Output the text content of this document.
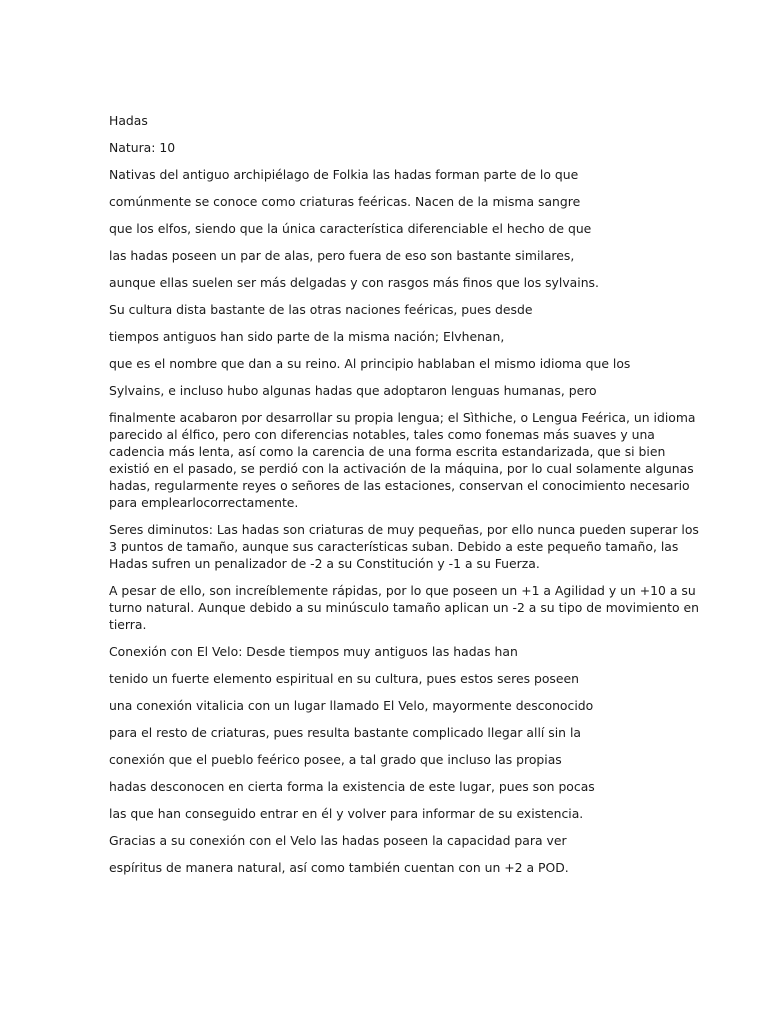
Hadas

Natura: 10

Nativas del antiguo archipiélago de Folkia las hadas forman parte de lo que

comúnmente se conoce como criaturas feéricas. Nacen de la misma sangre

que los elfos, siendo que la única característica diferenciable el hecho de que

las hadas poseen un par de alas, pero fuera de eso son bastante similares,

aunque ellas suelen ser más delgadas y con rasgos más finos que los sylvains.

Su cultura dista bastante de las otras naciones feéricas, pues desde

tiempos antiguos han sido parte de la misma nación; Elvhenan,

que es el nombre que dan a su reino. Al principio hablaban el mismo idioma que los

Sylvains, e incluso hubo algunas hadas que adoptaron lenguas humanas, pero

finalmente acabaron por desarrollar su propia lengua; el Sìthiche, o Lengua Feérica, un idioma
parecido al élfico, pero con diferencias notables, tales como fonemas más suaves y una
cadencia más lenta, así como la carencia de una forma escrita estandarizada, que si bien
existió en el pasado, se perdió con la activación de la máquina, por lo cual solamente algunas
hadas, regularmente reyes o señores de las estaciones, conservan el conocimiento necesario
para emplearlocorrectamente.
Seres diminutos: Las hadas son criaturas de muy pequeñas, por ello nunca pueden superar los
3 puntos de tamaño, aunque sus características suban. Debido a este pequeño tamaño, las
Hadas sufren un penalizador de -2 a su Constitución y -1 a su Fuerza.
A pesar de ello, son increíblemente rápidas, por lo que poseen un +1 a Agilidad y un +10 a su
turno natural. Aunque debido a su minúsculo tamaño aplican un -2 a su tipo de movimiento en
tierra.

Conexión con El Velo: Desde tiempos muy antiguos las hadas han

tenido un fuerte elemento espiritual en su cultura, pues estos seres poseen

una conexión vitalicia con un lugar llamado El Velo, mayormente desconocido

para el resto de criaturas, pues resulta bastante complicado llegar allí sin la

conexión que el pueblo feérico posee, a tal grado que incluso las propias

hadas desconocen en cierta forma la existencia de este lugar, pues son pocas

las que han conseguido entrar en él y volver para informar de su existencia.

Gracias a su conexión con el Velo las hadas poseen la capacidad para ver

espíritus de manera natural, así como también cuentan con un +2 a POD.
